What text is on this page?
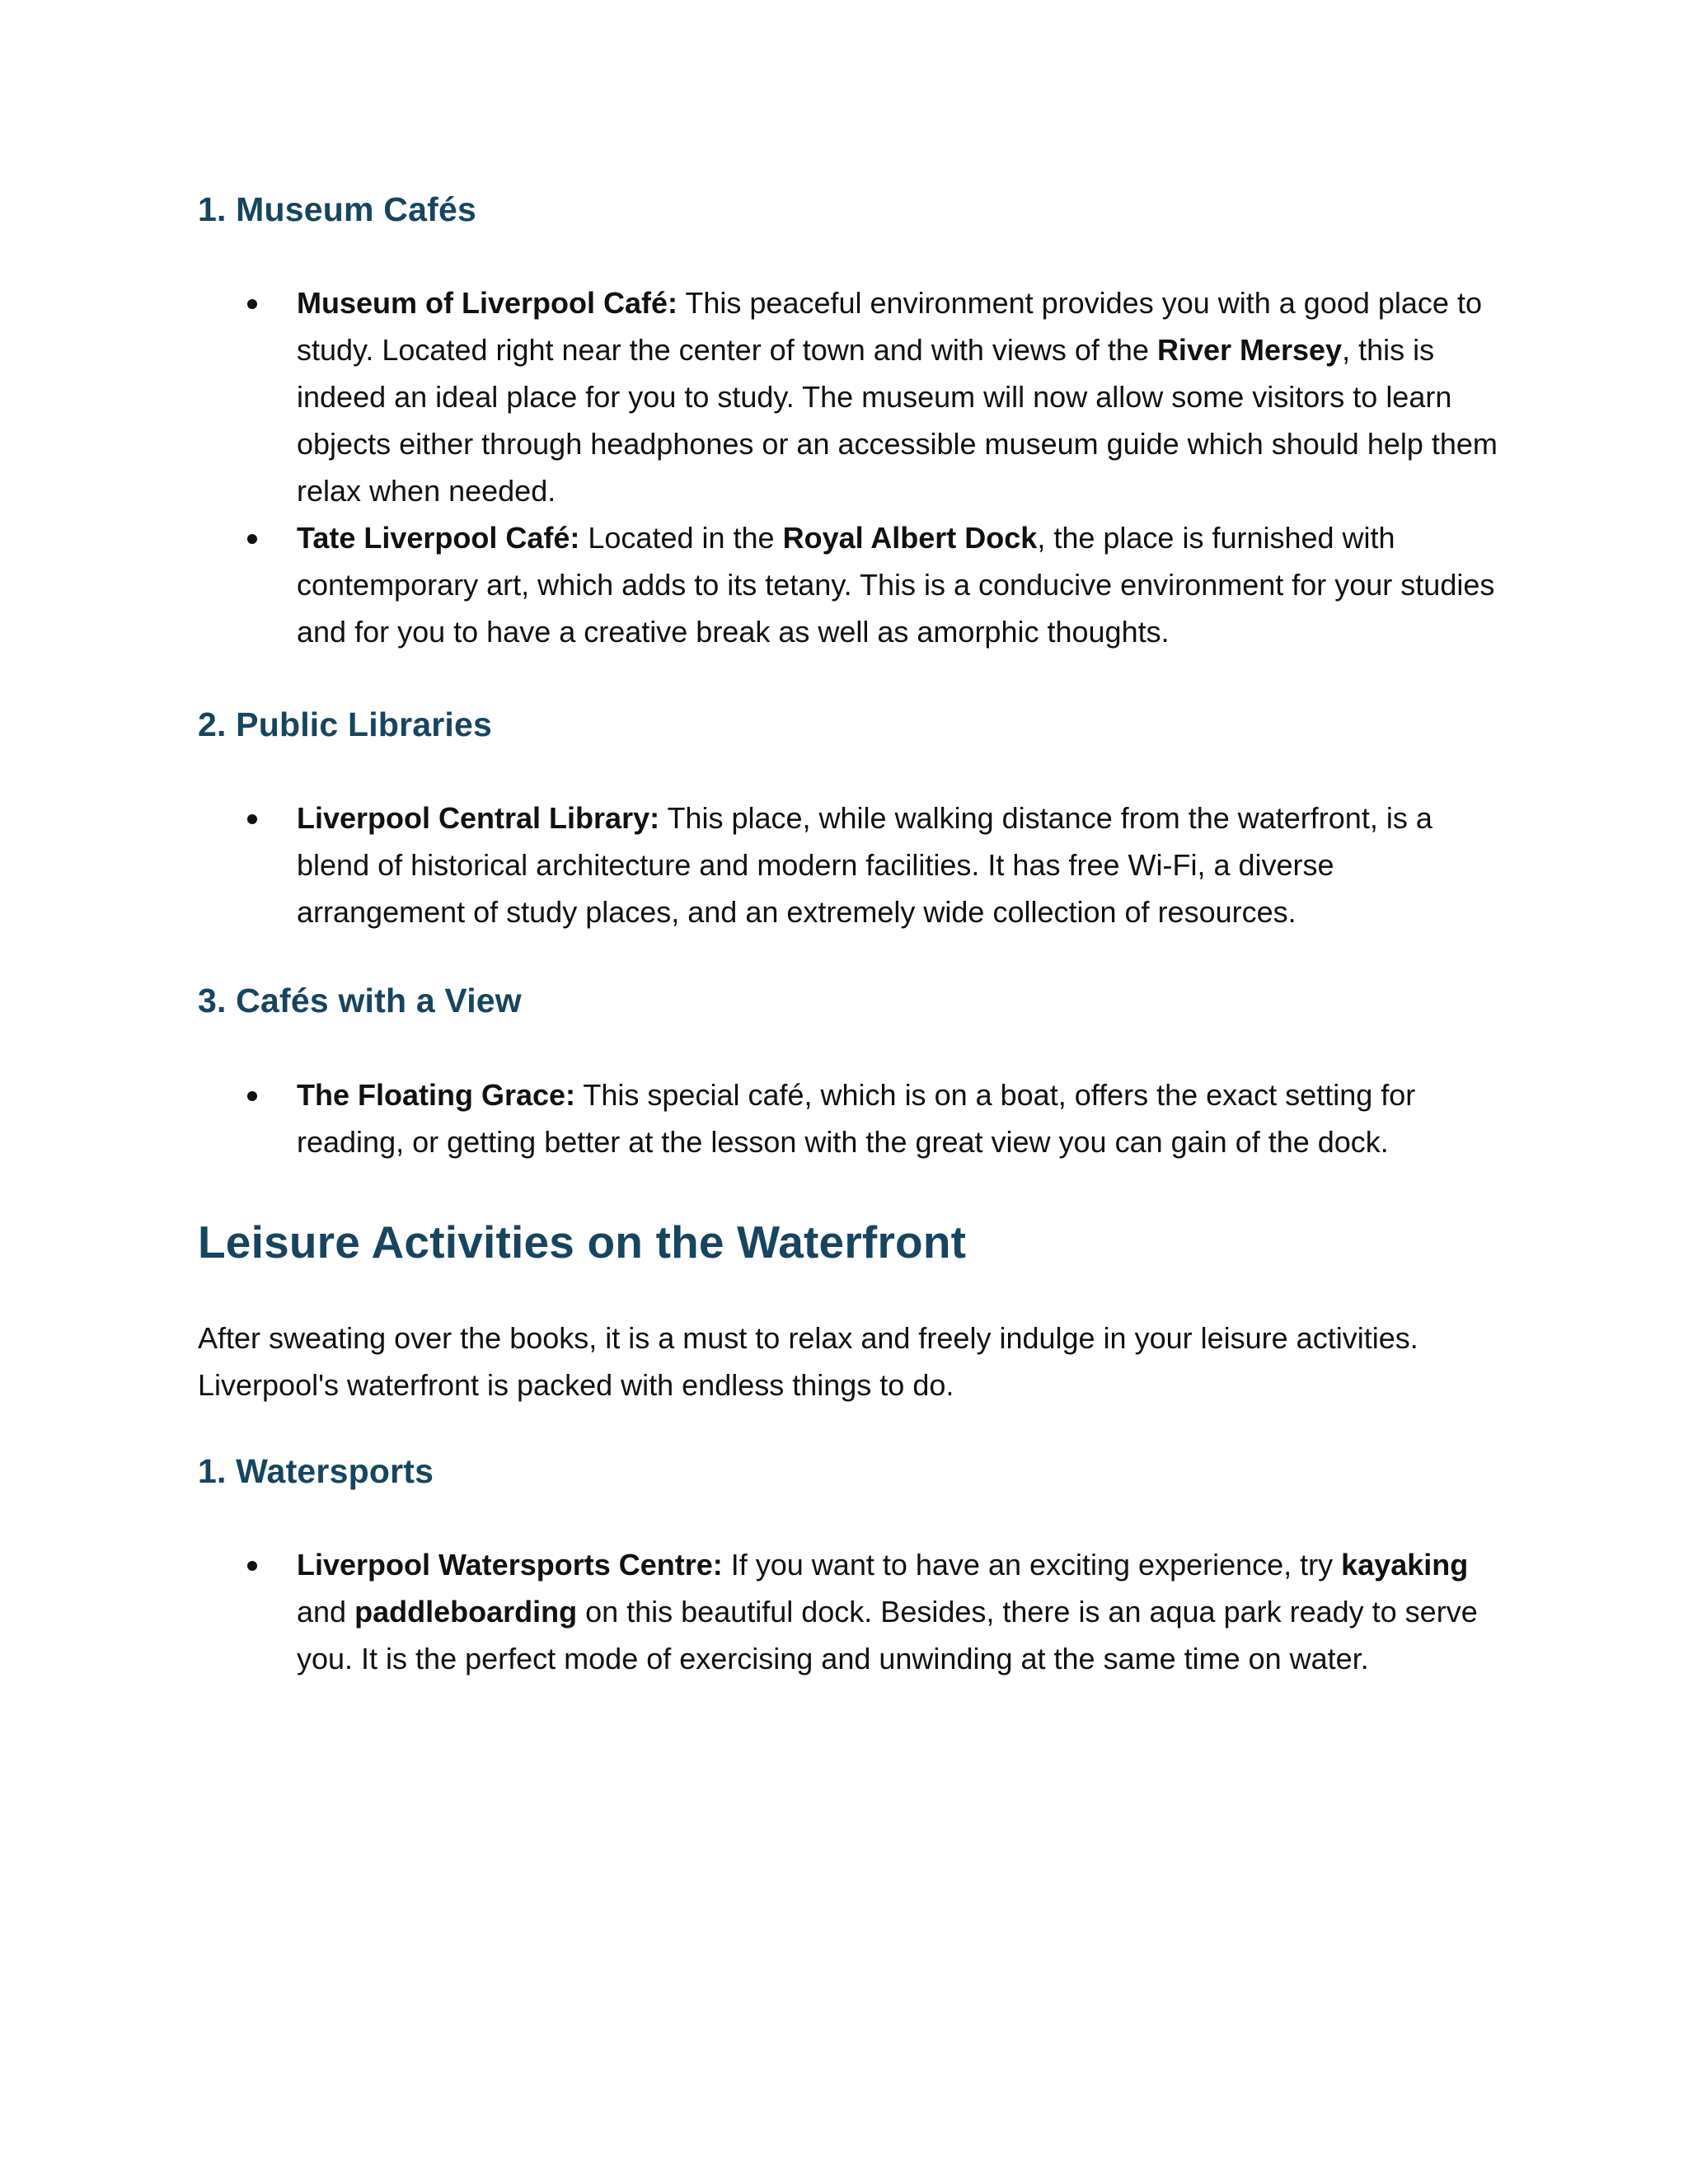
1. Museum Cafés
Museum of Liverpool Café: This peaceful environment provides you with a good place to study. Located right near the center of town and with views of the River Mersey, this is indeed an ideal place for you to study. The museum will now allow some visitors to learn objects either through headphones or an accessible museum guide which should help them relax when needed.
Tate Liverpool Café: Located in the Royal Albert Dock, the place is furnished with contemporary art, which adds to its tetany. This is a conducive environment for your studies and for you to have a creative break as well as amorphic thoughts.
2. Public Libraries
Liverpool Central Library: This place, while walking distance from the waterfront, is a blend of historical architecture and modern facilities. It has free Wi-Fi, a diverse arrangement of study places, and an extremely wide collection of resources.
3. Cafés with a View
The Floating Grace: This special café, which is on a boat, offers the exact setting for reading, or getting better at the lesson with the great view you can gain of the dock.
Leisure Activities on the Waterfront

After sweating over the books, it is a must to relax and freely indulge in your leisure activities. Liverpool's waterfront is packed with endless things to do.

1. Watersports
Liverpool Watersports Centre: If you want to have an exciting experience, try kayaking and paddleboarding on this beautiful dock. Besides, there is an aqua park ready to serve you. It is the perfect mode of exercising and unwinding at the same time on water.
